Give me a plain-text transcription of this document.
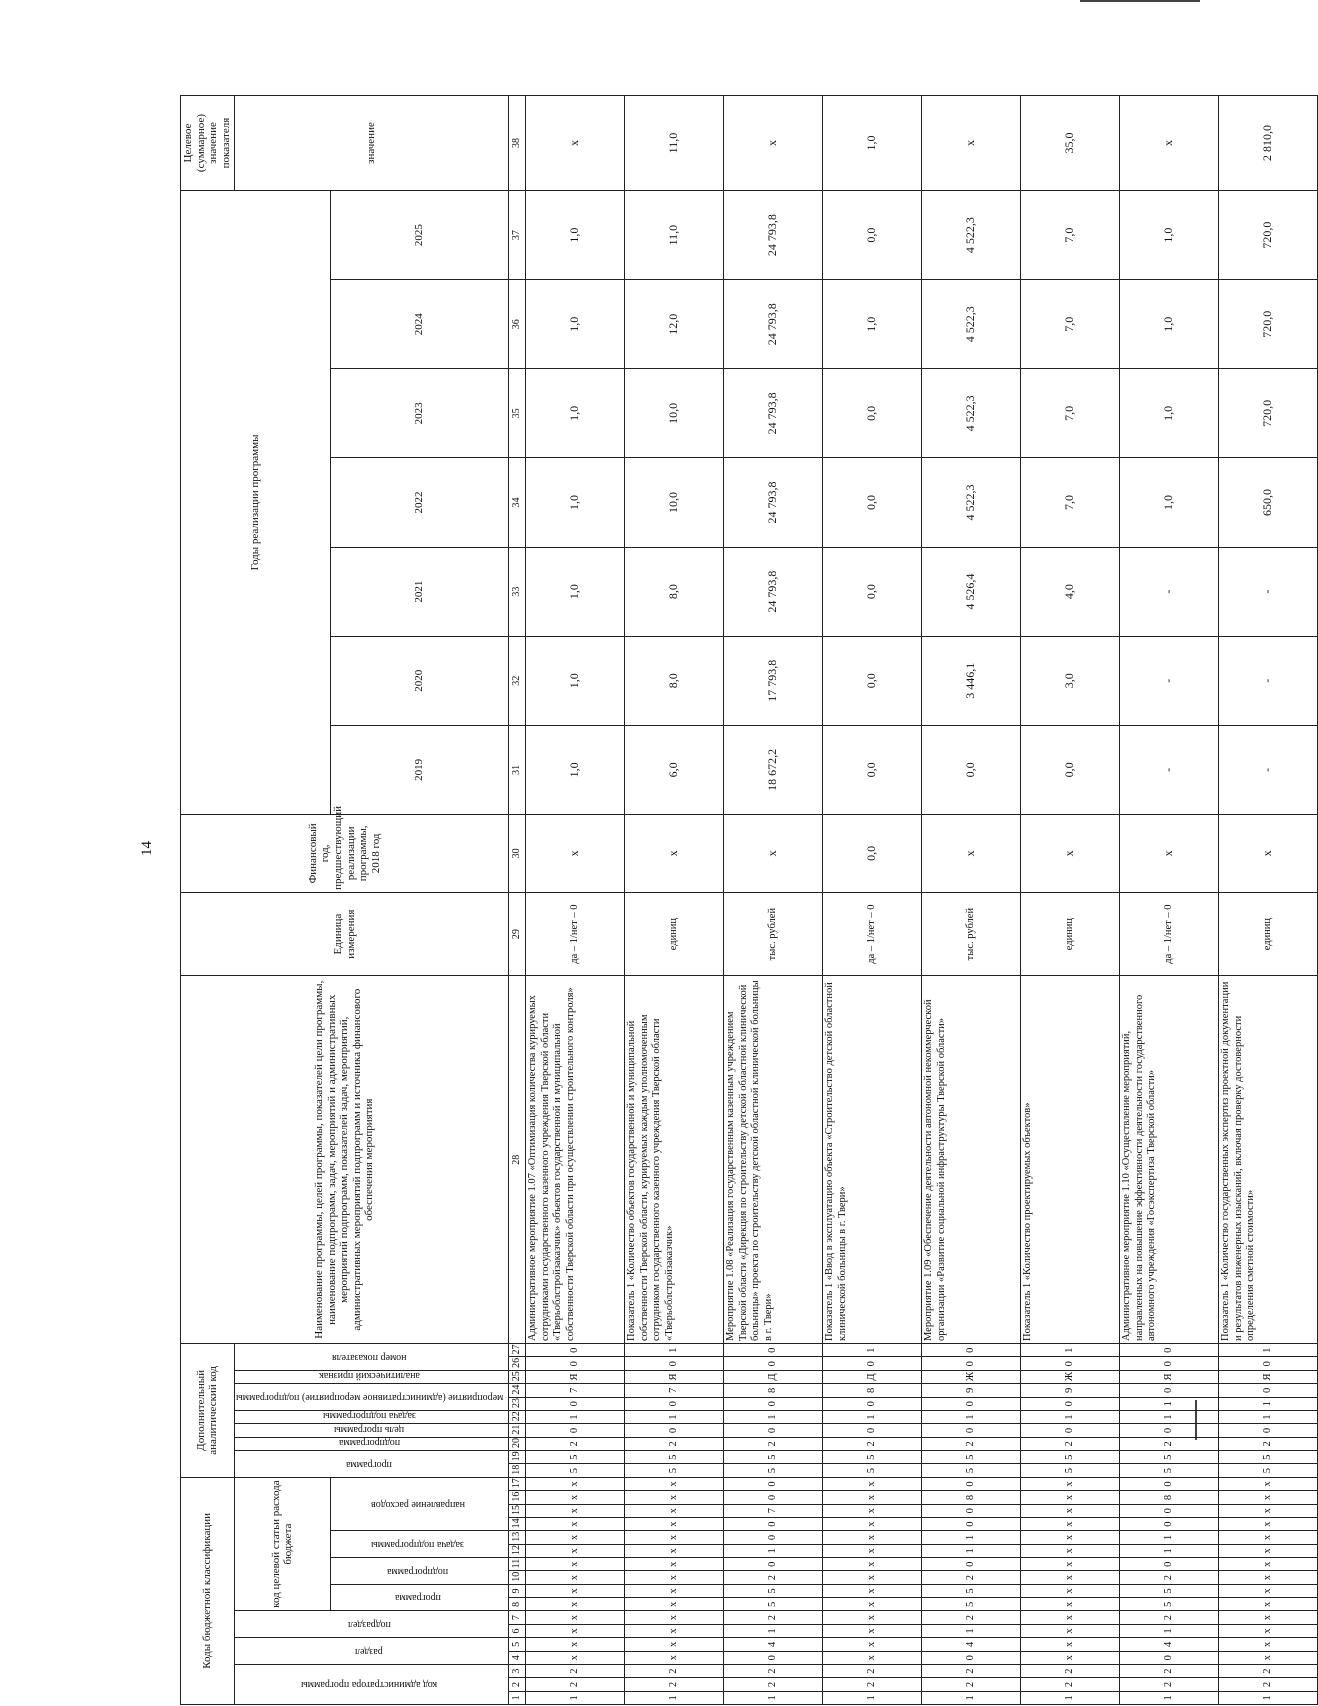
14
Коды бюджетной классификации																	Дополнительный аналитический код										Наименование программы, целей программы, показателей цели программы, наименование подпрограмм, задач, мероприятий и административных мероприятий подпрограмм, показателей задач, мероприятий, административных мероприятий подпрограмм и источника финансового обеспечения мероприятия	Единица измерения	Финансовый год, предшествующий реализации программы, 2018 год	Годы реализации программы							Целевое (суммарное) значение показателя
код администратора программы			раздел		подраздел		код целевой статьи расхода бюджета										программа		подпрограмма	цель программы	задача подпрограммы	мероприятие (административное мероприятие) подпрограммы		аналитический признак	номер показателя												значение
							программа		подпрограмма		задача подпрограммы		направление расходов																	2019	2020	2021	2022	2023	2024	2025	
1	2	3	4	5	6	7	8	9	10	11	12	13	14	15	16	17	18	19	20	21	22	23	24	25	26	27	28	29	30	31	32	33	34	35	36	37	38
1	2	2	x	x	x	x	x	x	x	x	x	x	x	x	x	x	5	5	2	0	1	0	7	Я	0	0	Административное мероприятие 1.07 «Оптимизация количества курируемых сотрудниками государственного казенного учреждения Тверской области «Тверьоблстройзаказчик» объектов государственной и муниципальной собственности Тверской области при осуществлении строительного контроля»	да – 1/нет – 0	x	1,0	1,0	1,0	1,0	1,0	1,0	1,0	x
1	2	2	x	x	x	x	x	x	x	x	x	x	x	x	x	x	5	5	2	0	1	0	7	Я	0	1	Показатель 1 «Количество объектов государственной и муниципальной собственности Тверской области, курируемых каждым уполномоченным сотрудником государственного казенного учреждения Тверской области «Тверьоблстройзаказчик»	единиц	x	6,0	8,0	8,0	10,0	10,0	12,0	11,0	11,0
1	2	2	0	4	1	2	5	5	2	0	1	0	0	7	0	0	5	5	2	0	1	0	8	Д	0	0	Мероприятие 1.08 «Реализация государственным казенным учреждением Тверской области «Дирекция по строительству детской областной клинической больницы» проекта по строительству детской областной клинической больницы в г. Твери»	тыс. рублей	x	18 672,2	17 793,8	24 793,8	24 793,8	24 793,8	24 793,8	24 793,8	x
1	2	2	x	x	x	x	x	x	x	x	x	x	x	x	x	x	5	5	2	0	1	0	8	Д	0	1	Показатель 1 «Ввод в эксплуатацию объекта «Строительство детской областной клинической больницы в г. Твери»	да – 1/нет – 0	0,0	0,0	0,0	0,0	0,0	0,0	1,0	0,0	1,0
1	2	2	0	4	1	2	5	5	2	0	1	1	0	0	8	0	5	5	2	0	1	0	9	Ж	0	0	Мероприятие 1.09 «Обеспечение деятельности автономной некоммерческой организации «Развитие социальной инфраструктуры Тверской области»	тыс. рублей	x	0,0	3 446,1	4 526,4	4 522,3	4 522,3	4 522,3	4 522,3	x
1	2	2	x	x	x	x	x	x	x	x	x	x	x	x	x	x	5	5	2	0	1	0	9	Ж	0	1	Показатель 1 «Количество проектируемых объектов»	единиц	x	0,0	3,0	4,0	7,0	7,0	7,0	7,0	35,0
1	2	2	0	4	1	2	5	5	2	0	1	1	0	0	8	0	5	5	2	0	1	1	0	Я	0	0	Административное мероприятие 1.10 «Осуществление мероприятий, направленных на повышение эффективности деятельности государственного автономного учреждения «Госэкспертиза Тверской области»	да – 1/нет – 0	x	-	-	-	1,0	1,0	1,0	1,0	x
1	2	2	x	x	x	x	x	x	x	x	x	x	x	x	x	x	5	5	2	0	1	1	0	Я	0	1	Показатель 1 «Количество государственных экспертиз проектной документации и результатов инженерных изысканий, включая проверку достоверности определения сметной стоимости»	единиц	x	-	-	-	650,0	720,0	720,0	720,0	2 810,0
